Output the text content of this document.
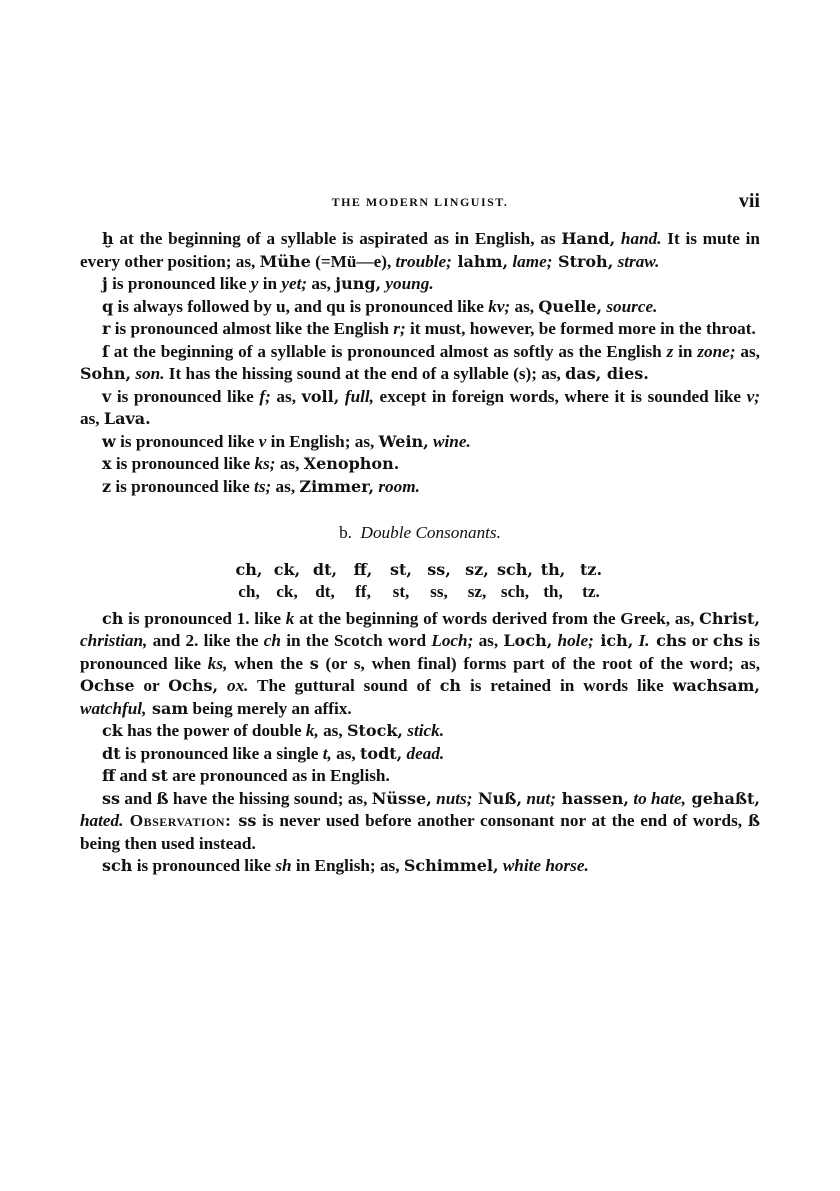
THE MODERN LINGUIST.	vii

ḫ at the beginning of a syllable is aspirated as in English, as Hand, hand. It is mute in every other position; as, Mühe (=Mü—e), trouble; lahm, lame; Stroh, straw.

j is pronounced like y in yet; as, jung, young.

q is always followed by u, and qu is pronounced like kv; as, Quelle, source.

r is pronounced almost like the English r; it must, however, be formed more in the throat.

ſ at the beginning of a syllable is pronounced almost as softly as the English z in zone; as, Sohn, son. It has the hissing sound at the end of a syllable (s); as, das, dies.

v is pronounced like f; as, voll, full, except in foreign words, where it is sounded like v; as, Lava.

w is pronounced like v in English; as, Wein, wine.

x is pronounced like ks; as, Xenophon.

z is pronounced like ts; as, Zimmer, room.

b. Double Consonants.

ch, ck, dt,	ff,	st, ss, sz, sch, th, tz.
ch, ck,	dt,	ff,	st,	ss,	sz, sch, th,	tz.

ch is pronounced 1. like k at the beginning of words derived from the Greek, as, Christ, christian, and 2. like the ch in the Scotch word Loch; as, Loch, hole; ich, I. chs or chs is pronounced like ks, when the s (or s, when final) forms part of the root of the word; as, Ochse or Ochs, ox. The guttural sound of ch is retained in words like wachsam, watchful, sam being merely an affix.

ck has the power of double k, as, Stock, stick.

dt is pronounced like a single t, as, todt, dead.

ff and st are pronounced as in English.

ss and ß have the hissing sound; as, Nüsse, nuts; Nuß, nut; hassen, to hate, gehaßt, hated. Observation: ss is never used before another consonant nor at the end of words, ß being then used instead.

sch is pronounced like sh in English; as, Schimmel, white horse.
